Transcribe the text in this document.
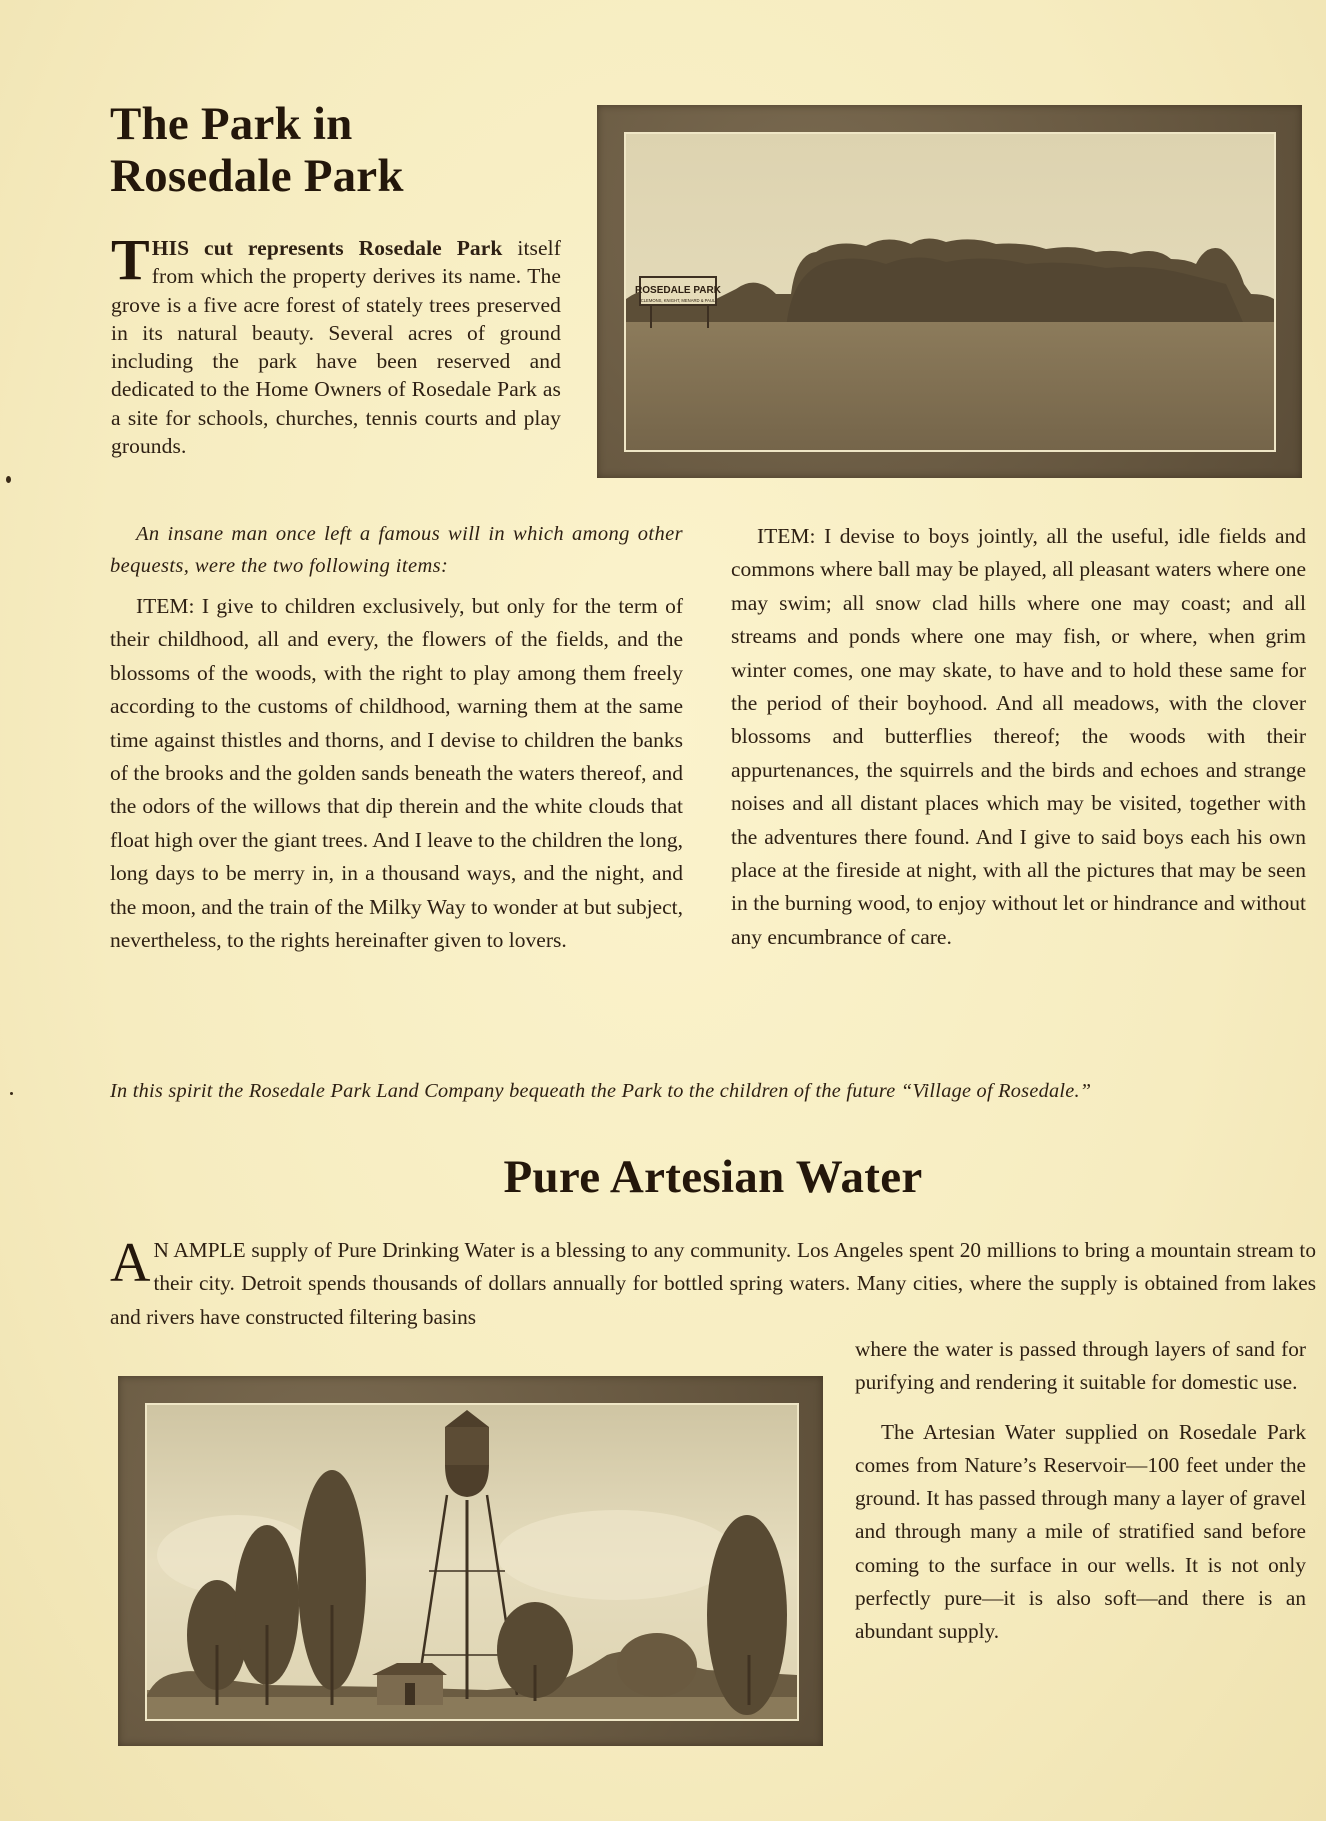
The Park in
Rosedale Park
THIS cut represents Rosedale Park itself from which the property derives its name. The grove is a five acre forest of stately trees preserved in its natural beauty. Several acres of ground including the park have been reserved and dedicated to the Home Owners of Rosedale Park as a site for schools, churches, tennis courts and play grounds.
ROSEDALE PARK
CLEMONS, KNIGHT, MENARD & PAUL

An insane man once left a famous will in which among other bequests, were the two following items:

ITEM: I give to children exclusively, but only for the term of their childhood, all and every, the flowers of the fields, and the blossoms of the woods, with the right to play among them freely according to the customs of childhood, warning them at the same time against thistles and thorns, and I devise to children the banks of the brooks and the golden sands beneath the waters thereof, and the odors of the willows that dip therein and the white clouds that float high over the giant trees. And I leave to the children the long, long days to be merry in, in a thousand ways, and the night, and the moon, and the train of the Milky Way to wonder at but subject, nevertheless, to the rights hereinafter given to lovers.

ITEM: I devise to boys jointly, all the useful, idle fields and commons where ball may be played, all pleasant waters where one may swim; all snow clad hills where one may coast; and all streams and ponds where one may fish, or where, when grim winter comes, one may skate, to have and to hold these same for the period of their boyhood. And all meadows, with the clover blossoms and butterflies thereof; the woods with their appurtenances, the squirrels and the birds and echoes and strange noises and all distant places which may be visited, together with the adventures there found. And I give to said boys each his own place at the fireside at night, with all the pictures that may be seen in the burning wood, to enjoy without let or hindrance and without any encumbrance of care.

In this spirit the Rosedale Park Land Company bequeath the Park to the children of the future “Village of Rosedale.”
Pure Artesian Water
A N AMPLE supply of Pure Drinking Water is a blessing to any community. Los Angeles spent 20 millions to bring a mountain stream to their city. Detroit spends thousands of dollars annually for bottled spring waters. Many cities, where the supply is obtained from lakes and rivers have constructed filtering basins

where the water is passed through layers of sand for purifying and rendering it suitable for domestic use.

The Artesian Water supplied on Rosedale Park comes from Nature’s Reservoir—100 feet under the ground. It has passed through many a layer of gravel and through many a mile of stratified sand before coming to the surface in our wells. It is not only perfectly pure—it is also soft—and there is an abundant supply.
